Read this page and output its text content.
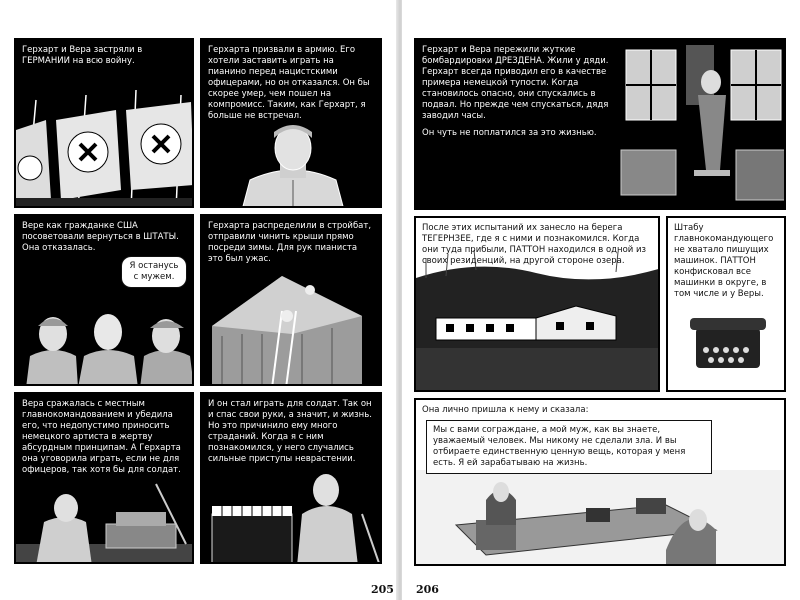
Герхарт и Вера застряли в ГЕРМАНИИ на всю войну.
Герхарта призвали в армию. Его хотели заставить играть на пианино перед нацистскими офицерами, но он отказался. Он бы скорее умер, чем пошел на компромисс. Таким, как Герхарт, я больше не встречал.
Вере как гражданке США посоветовали вернуться в ШТАТЫ. Она отказалась.
Я останусь с мужем.
Герхарта распределили в стройбат, отправили чинить крыши прямо посреди зимы. Для рук пианиста это был ужас.
Вера сражалась с местным главнокомандованием и убедила его, что недопустимо приносить немецкого артиста в жертву абсурдным принципам. А Герхарта она уговорила играть, если не для офицеров, так хотя бы для солдат.
И он стал играть для солдат. Так он и спас свои руки, а значит, и жизнь. Но это причинило ему много страданий. Когда я с ним познакомился, у него случались сильные приступы неврастении.
205
Герхарт и Вера пережили жуткие бомбардировки ДРЕЗДЕНА. Жили у дяди. Герхарт всегда приводил его в качестве примера немецкой тупости. Когда становилось опасно, они спускались в подвал. Но прежде чем спускаться, дядя заводил часы.
Он чуть не поплатился за это жизнью.
После этих испытаний их занесло на берега ТЕГЕРНЗЕЕ, где я с ними и познакомился. Когда они туда прибыли, ПАТТОН находился в одной из своих резиденций, на другой стороне озера.
Штабу главнокомандующего не хватало пишущих машинок. ПАТТОН конфисковал все машинки в округе, в том числе и у Веры.
Она лично пришла к нему и сказала:
Мы с вами согражданe, а мой муж, как вы знаете, уважаемый человек. Мы никому не сделали зла. И вы отбираете единственную ценную вещь, которая у меня есть. Я ей зарабатываю на жизнь.
206
